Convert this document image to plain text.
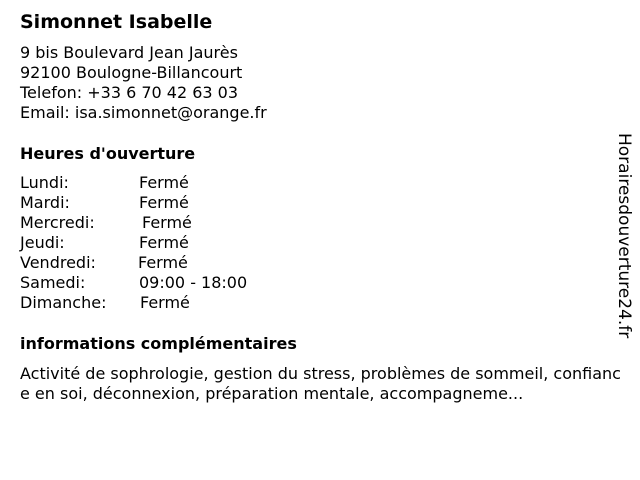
Simonnet Isabelle
9 bis Boulevard Jean Jaurès
92100 Boulogne-Billancourt
Telefon: +33 6 70 42 63 03
Email: isa.simonnet@orange.fr
Heures d'ouverture
Lundi:	Fermé
Mardi:	Fermé
Mercredi:	Fermé
Jeudi:	Fermé
Vendredi:	Fermé
Samedi:	09:00 - 18:00
Dimanche:	Fermé
informations complémentaires
Activité de sophrologie, gestion du stress, problèmes de sommeil, confiance en soi, déconnexion, préparation mentale, accompagneme...
Horairesdouverture24.fr
